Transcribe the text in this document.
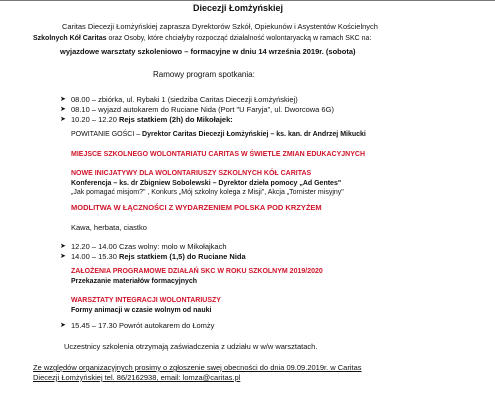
Diecezji Łomżyńskiej
Caritas Diecezji Łomżyńskiej zaprasza Dyrektorów Szkół, Opiekunów i Asystentów Kościelnych
Szkolnych Kół Caritas oraz Osoby, które chciałyby rozpocząć działalność wolontaryacką w ramach SKC na:
wyjazdowe warsztaty szkoleniowo – formacyjne w dniu 14 września 2019r. (sobota)
Ramowy program spotkania:
➤ 08.00 – zbiórka, ul. Rybaki 1 (siedziba Caritas Diecezji Łomżyńskiej)
➤ 08.10 – wyjazd autokarem do Ruciane Nida (Port "U Faryja", ul. Dworcowa 6G)
➤ 10.20 – 12.20 Rejs statkiem (2h) do Mikołajek:
POWITANIE GOŚCI – Dyrektor Caritas Diecezji Łomżyńskiej – ks. kan. dr Andrzej Mikucki
MIEJSCE SZKOLNEGO WOLONTARIATU CARITAS W ŚWIETLE ZMIAN EDUKACYJNYCH
NOWE INICJATYWY DLA WOLONTARIUSZY SZKOLNYCH KÓŁ CARITAS
Konferencja – ks. dr Zbigniew Sobolewski – Dyrektor dzieła pomocy „Ad Gentes"
„Jak pomagać misjom?" , Konkurs „Mój szkolny kolega z Misji", Akcja „Tornister misyjny"
MODLITWA W ŁĄCZNOŚCI Z WYDARZENIEM POLSKA POD KRZYŻEM
Kawa, herbata, ciastko
➤ 12.20 – 14.00 Czas wolny: molo w Mikołajkach
➤ 14.00 – 15.30 Rejs statkiem (1,5) do Ruciane Nida
ZAŁOŻENIA PROGRAMOWE DZIAŁAŃ SKC W ROKU SZKOLNYM 2019/2020
Przekazanie materiałów formacyjnych
WARSZTATY INTEGRACJI WOLONTARIUSZY
Formy animacji w czasie wolnym od nauki
➤ 15.45 – 17.30 Powrót autokarem do Łomży
Uczestnicy szkolenia otrzymają zaświadczenia z udziału w w/w warsztatach.
Ze względów organizacyjnych prosimy o zgłoszenie swej obecności do dnia 09.09.2019r. w Caritas
Diecezji Łomżyńskiej tel. 86/2162938, email: lomza@caritas.pl
